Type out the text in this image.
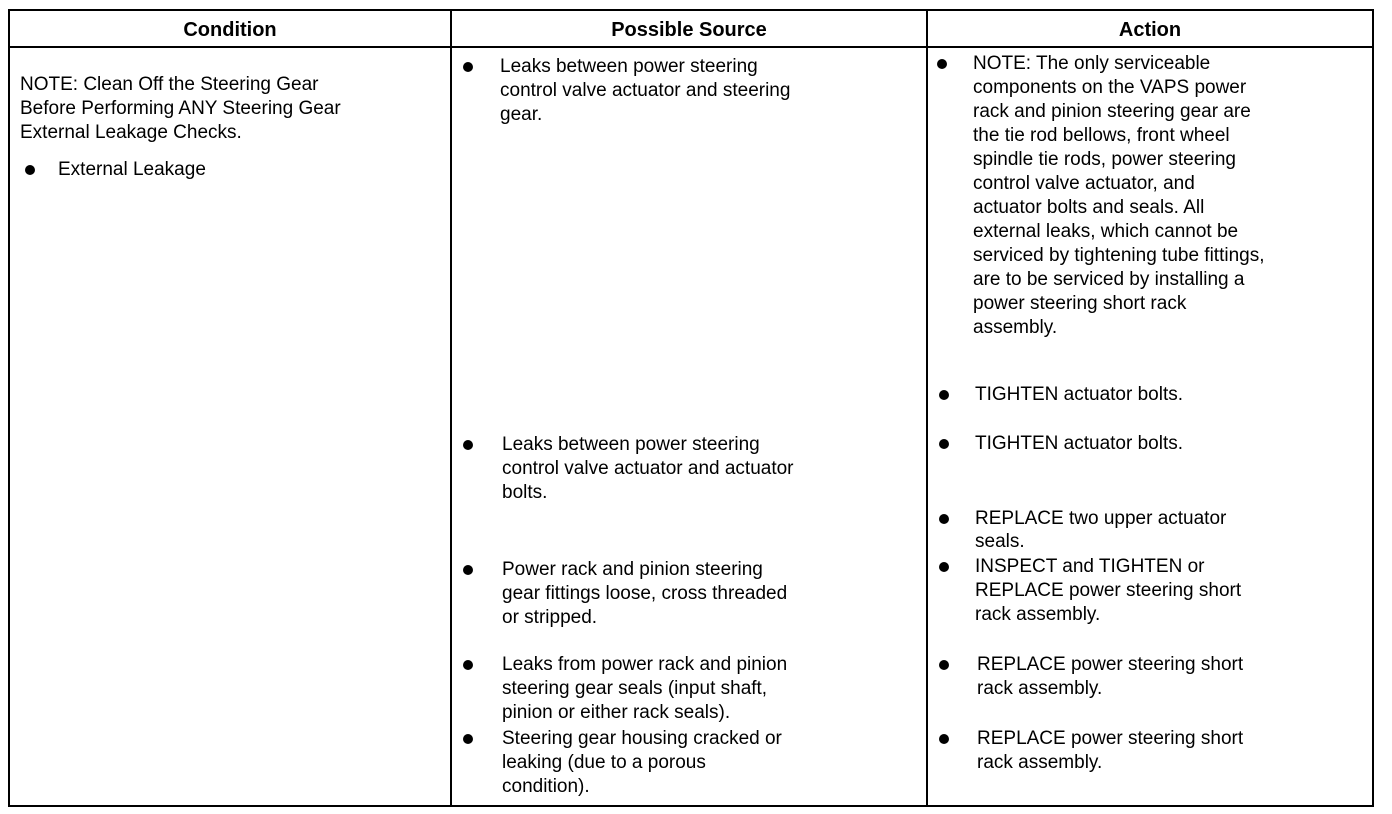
Condition	Possible Source	Action
NOTE: Clean Off the Steering Gear
Before Performing ANY Steering Gear
External Leakage Checks.
External Leakage
Leaks between power steering
control valve actuator and steering
gear.
Leaks between power steering
control valve actuator and actuator
bolts.
Power rack and pinion steering
gear fittings loose, cross threaded
or stripped.
Leaks from power rack and pinion
steering gear seals (input shaft,
pinion or either rack seals).
Steering gear housing cracked or
leaking (due to a porous
condition).
NOTE: The only serviceable
components on the VAPS power
rack and pinion steering gear are
the tie rod bellows, front wheel
spindle tie rods, power steering
control valve actuator, and
actuator bolts and seals. All
external leaks, which cannot be
serviced by tightening tube fittings,
are to be serviced by installing a
power steering short rack
assembly.
TIGHTEN actuator bolts.
TIGHTEN actuator bolts.
REPLACE two upper actuator
seals.
INSPECT and TIGHTEN or
REPLACE power steering short
rack assembly.
REPLACE power steering short
rack assembly.
REPLACE power steering short
rack assembly.
